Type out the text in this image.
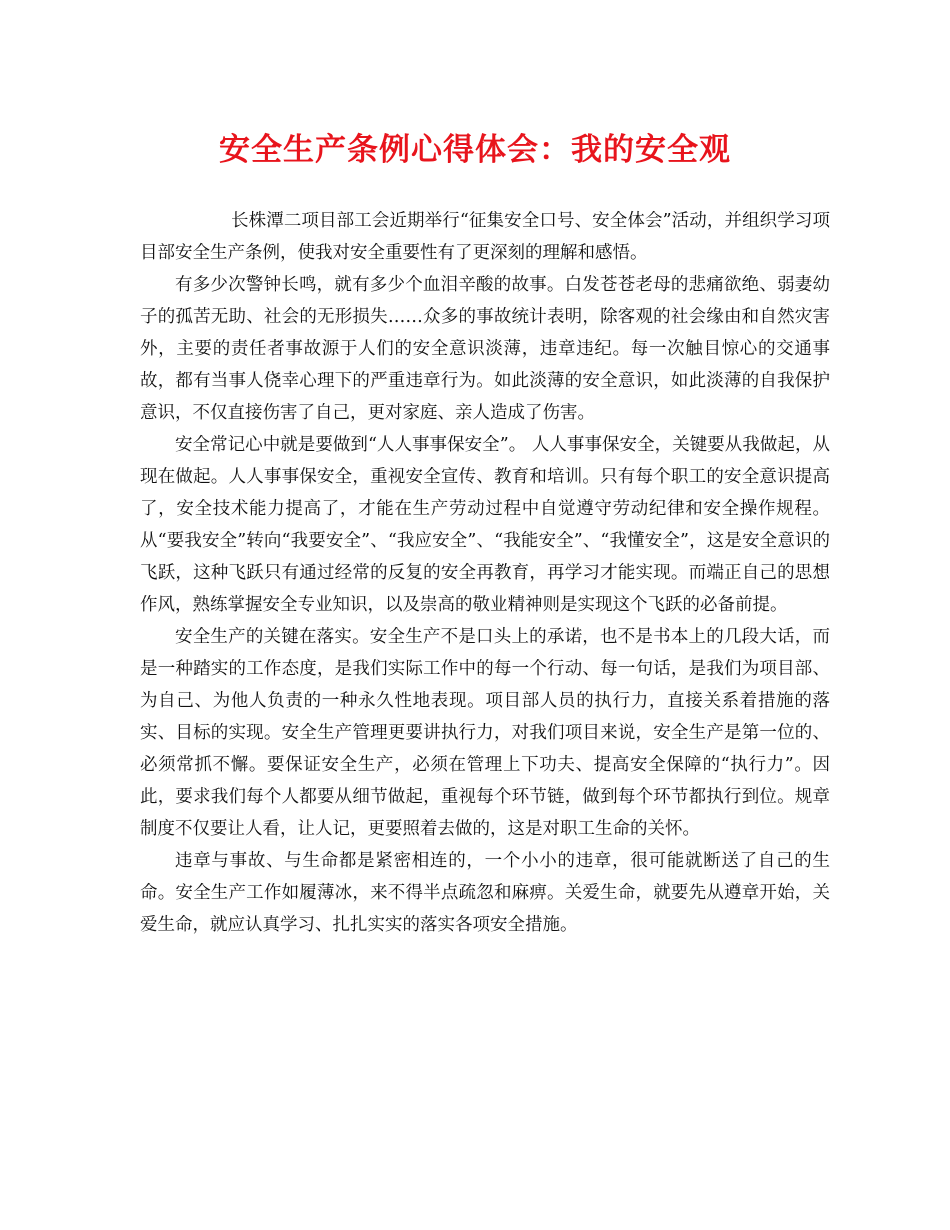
安全生产条例心得体会：我的安全观

长株潭二项目部工会近期举行“征集安全口号、安全体会”活动，并组织学习项目部安全生产条例，使我对安全重要性有了更深刻的理解和感悟。

有多少次警钟长鸣，就有多少个血泪辛酸的故事。白发苍苍老母的悲痛欲绝、弱妻幼子的孤苦无助、社会的无形损失……众多的事故统计表明，除客观的社会缘由和自然灾害外，主要的责任者事故源于人们的安全意识淡薄，违章违纪。每一次触目惊心的交通事故，都有当事人侥幸心理下的严重违章行为。如此淡薄的安全意识，如此淡薄的自我保护意识，不仅直接伤害了自己，更对家庭、亲人造成了伤害。

安全常记心中就是要做到“人人事事保安全”。 人人事事保安全，关键要从我做起，从现在做起。人人事事保安全，重视安全宣传、教育和培训。只有每个职工的安全意识提高了，安全技术能力提高了，才能在生产劳动过程中自觉遵守劳动纪律和安全操作规程。从“要我安全”转向“我要安全”、“我应安全”、“我能安全”、“我懂安全”，这是安全意识的飞跃，这种飞跃只有通过经常的反复的安全再教育，再学习才能实现。而端正自己的思想作风，熟练掌握安全专业知识，以及崇高的敬业精神则是实现这个飞跃的必备前提。

安全生产的关键在落实。安全生产不是口头上的承诺，也不是书本上的几段大话，而是一种踏实的工作态度，是我们实际工作中的每一个行动、每一句话，是我们为项目部、为自己、为他人负责的一种永久性地表现。项目部人员的执行力，直接关系着措施的落实、目标的实现。安全生产管理更要讲执行力，对我们项目来说，安全生产是第一位的、必须常抓不懈。要保证安全生产，必须在管理上下功夫、提高安全保障的“执行力”。因此，要求我们每个人都要从细节做起，重视每个环节链，做到每个环节都执行到位。规章制度不仅要让人看，让人记，更要照着去做的，这是对职工生命的关怀。

违章与事故、与生命都是紧密相连的，一个小小的违章，很可能就断送了自己的生命。安全生产工作如履薄冰，来不得半点疏忽和麻痹。关爱生命，就要先从遵章开始，关爱生命，就应认真学习、扎扎实实的落实各项安全措施。
